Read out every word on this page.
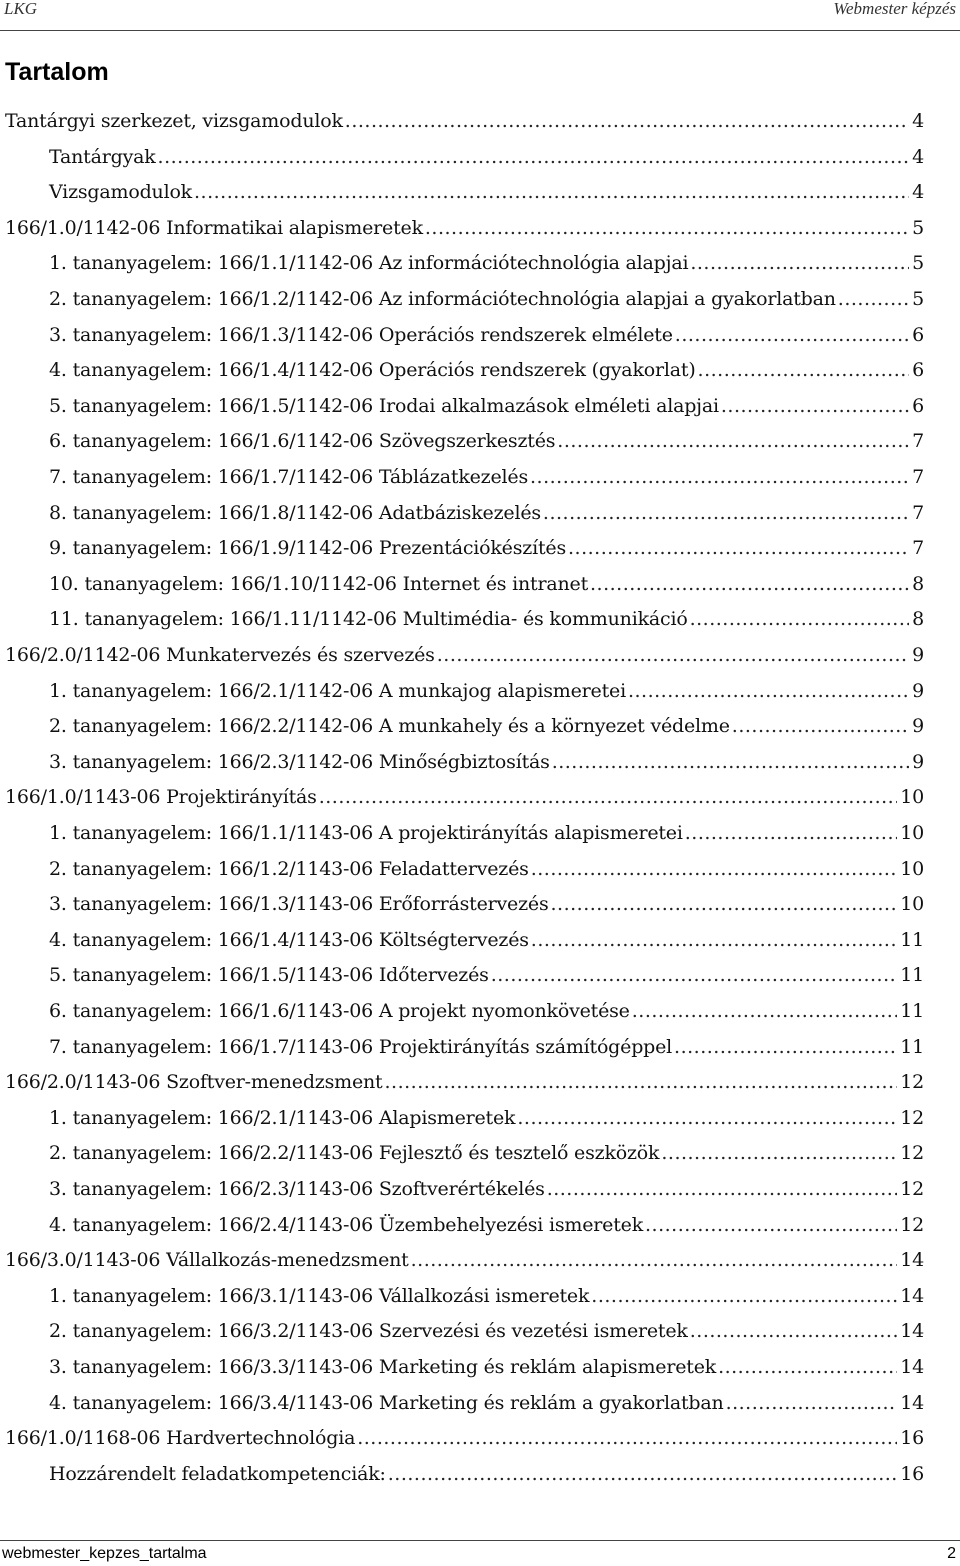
LKG	Webmester képzés
Tartalom
Tantárgyi szerkezet, vizsgamodulok .....	4
Tantárgyak .....	4
Vizsgamodulok .....	4
166/1.0/1142-06 Informatikai alapismeretek .....	5
1. tananyagelem: 166/1.1/1142-06 Az információtechnológia alapjai .....	5
2. tananyagelem: 166/1.2/1142-06 Az információtechnológia alapjai a gyakorlatban .....	5
3. tananyagelem: 166/1.3/1142-06 Operációs rendszerek elmélete .....	6
4. tananyagelem: 166/1.4/1142-06 Operációs rendszerek (gyakorlat) .....	6
5. tananyagelem: 166/1.5/1142-06 Irodai alkalmazások elméleti alapjai .....	6
6. tananyagelem: 166/1.6/1142-06 Szövegszerkesztés .....	7
7. tananyagelem: 166/1.7/1142-06 Táblázatkezelés .....	7
8. tananyagelem: 166/1.8/1142-06 Adatbáziskezelés .....	7
9. tananyagelem: 166/1.9/1142-06 Prezentációkészítés .....	7
10. tananyagelem: 166/1.10/1142-06 Internet és intranet .....	8
11. tananyagelem: 166/1.11/1142-06 Multimédia- és kommunikáció .....	8
166/2.0/1142-06 Munkatervezés és szervezés .....	9
1. tananyagelem: 166/2.1/1142-06 A munkajog alapismeretei .....	9
2. tananyagelem: 166/2.2/1142-06 A munkahely és a környezet védelme .....	9
3. tananyagelem: 166/2.3/1142-06 Minőségbiztosítás .....	9
166/1.0/1143-06 Projektirányítás .....	10
1. tananyagelem: 166/1.1/1143-06 A projektirányítás alapismeretei .....	10
2. tananyagelem: 166/1.2/1143-06 Feladattervezés .....	10
3. tananyagelem: 166/1.3/1143-06 Erőforrástervezés .....	10
4. tananyagelem: 166/1.4/1143-06 Költségtervezés .....	11
5. tananyagelem: 166/1.5/1143-06 Időtervezés .....	11
6. tananyagelem: 166/1.6/1143-06 A projekt nyomonkövetése .....	11
7. tananyagelem: 166/1.7/1143-06 Projektirányítás számítógéppel .....	11
166/2.0/1143-06 Szoftver-menedzsment .....	12
1. tananyagelem: 166/2.1/1143-06 Alapismeretek .....	12
2. tananyagelem: 166/2.2/1143-06 Fejlesztő és tesztelő eszközök .....	12
3. tananyagelem: 166/2.3/1143-06 Szoftverértékelés .....	12
4. tananyagelem: 166/2.4/1143-06 Üzembehelyezési ismeretek .....	12
166/3.0/1143-06 Vállalkozás-menedzsment .....	14
1. tananyagelem: 166/3.1/1143-06 Vállalkozási ismeretek .....	14
2. tananyagelem: 166/3.2/1143-06 Szervezési és vezetési ismeretek .....	14
3. tananyagelem: 166/3.3/1143-06 Marketing és reklám alapismeretek .....	14
4. tananyagelem: 166/3.4/1143-06 Marketing és reklám a gyakorlatban .....	14
166/1.0/1168-06 Hardvertechnológia .....	16
Hozzárendelt feladatkompetenciák: .....	16
webmester_kepzes_tartalma	2
